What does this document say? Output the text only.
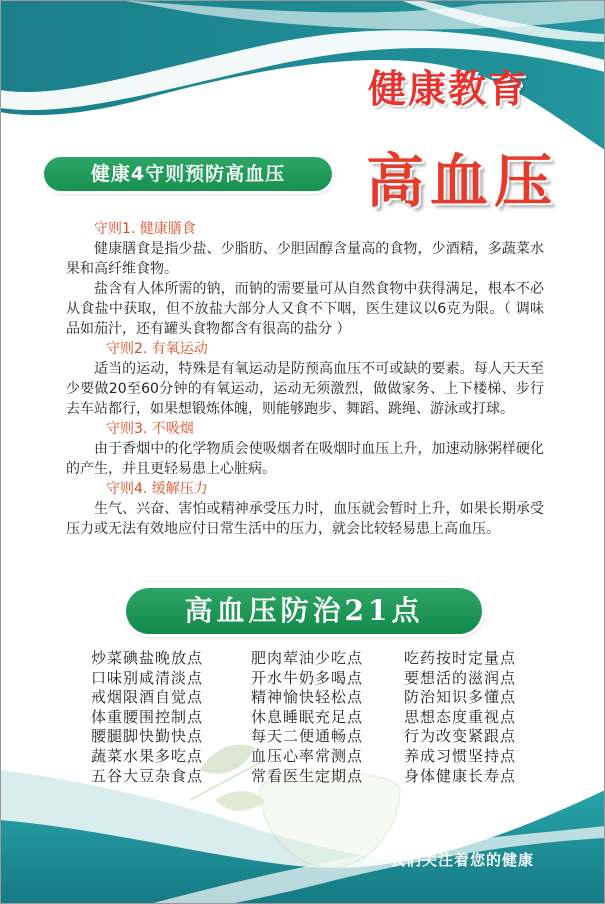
健康教育
高血压
健康4守则预防高血压
守则1. 健康膳食
健康膳食是指少盐、少脂肪、少胆固醇含量高的食物，少酒精，多蔬菜水果和高纤维食物。
盐含有人体所需的钠，而钠的需要量可从自然食物中获得满足，根本不必从食盐中获取，但不放盐大部分人又食不下咽，医生建议以6克为限。（ 调味品如茄汁，还有罐头食物都含有很高的盐分 ）
守则2. 有氧运动
适当的运动，特殊是有氧运动是防预高血压不可或缺的要素。每人天天至少要做20至60分钟的有氧运动，运动无须激烈，做做家务、上下楼梯、步行去车站都行，如果想锻炼体魄，则能够跑步、舞蹈、跳绳、游泳或打球。
守则3. 不吸烟
由于香烟中的化学物质会使吸烟者在吸烟时血压上升，加速动脉粥样硬化的产生，并且更轻易患上心脏病。
守则4. 缓解压力
生气、兴奋、害怕或精神承受压力时，血压就会暂时上升，如果长期承受压力或无法有效地应付日常生活中的压力，就会比较轻易患上高血压。
高血压防治21点
炒菜碘盐晚放点
口味别咸清淡点
戒烟限酒自觉点
体重腰围控制点
腰腿脚快勤快点
蔬菜水果多吃点
五谷大豆杂食点
肥肉荤油少吃点
开水牛奶多喝点
精神愉快轻松点
休息睡眠充足点
每天二便通畅点
血压心率常测点
常看医生定期点
吃药按时定量点
要想活的滋润点
防治知识多懂点
思想态度重视点
行为改变紧跟点
养成习惯坚持点
身体健康长寿点
我们关注着您的健康
